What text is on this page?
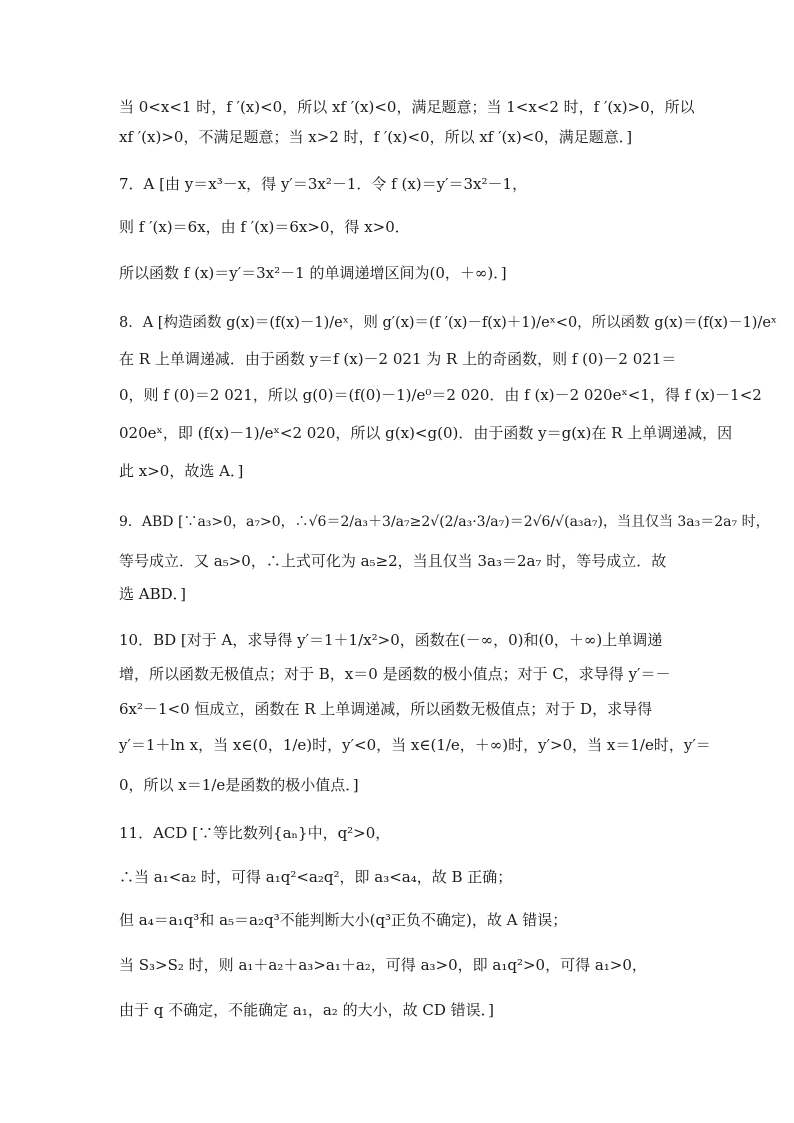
当 0<x<1 时，f ′(x)<0，所以 xf ′(x)<0，满足题意；当 1<x<2 时，f ′(x)>0，所以
xf ′(x)>0，不满足题意；当 x>2 时，f ′(x)<0，所以 xf ′(x)<0，满足题意．]
7．A [由 y＝x³－x，得 y′＝3x²－1．令 f (x)＝y′＝3x²－1，
则 f ′(x)＝6x，由 f ′(x)＝6x>0，得 x>0．
所以函数 f (x)＝y′＝3x²－1 的单调递增区间为(0，＋∞)．]
8．A [构造函数 g(x)＝(f(x)－1)/eˣ，则 g′(x)＝(f ′(x)－f(x)＋1)/eˣ<0，所以函数 g(x)＝(f(x)－1)/eˣ
在 R 上单调递减．由于函数 y＝f (x)－2 021 为 R 上的奇函数，则 f (0)－2 021＝
0，则 f (0)＝2 021，所以 g(0)＝(f(0)－1)/e⁰＝2 020．由 f (x)－2 020eˣ<1，得 f (x)－1<2
020eˣ，即 (f(x)－1)/eˣ<2 020，所以 g(x)<g(0)．由于函数 y＝g(x)在 R 上单调递减，因
此 x>0，故选 A．]
9．ABD [∵a₃>0，a₇>0，∴√6＝2/a₃＋3/a₇≥2√(2/a₃·3/a₇)＝2√6/√(a₃a₇)，当且仅当 3a₃＝2a₇ 时，
等号成立．又 a₅>0，∴上式可化为 a₅≥2，当且仅当 3a₃＝2a₇ 时，等号成立．故
选 ABD．]
10．BD [对于 A，求导得 y′＝1＋1/x²>0，函数在(－∞，0)和(0，＋∞)上单调递
增，所以函数无极值点；对于 B，x＝0 是函数的极小值点；对于 C，求导得 y′＝－
6x²－1<0 恒成立，函数在 R 上单调递减，所以函数无极值点；对于 D，求导得
y′＝1＋ln x，当 x∈(0，1/e)时，y′<0，当 x∈(1/e，＋∞)时，y′>0，当 x＝1/e时，y′＝
0，所以 x＝1/e是函数的极小值点．]
11．ACD [∵等比数列{aₙ}中，q²>0，
∴当 a₁<a₂ 时，可得 a₁q²<a₂q²，即 a₃<a₄，故 B 正确；
但 a₄＝a₁q³和 a₅＝a₂q³不能判断大小(q³正负不确定)，故 A 错误；
当 S₃>S₂ 时，则 a₁＋a₂＋a₃>a₁＋a₂，可得 a₃>0，即 a₁q²>0，可得 a₁>0，
由于 q 不确定，不能确定 a₁，a₂ 的大小，故 CD 错误．]
